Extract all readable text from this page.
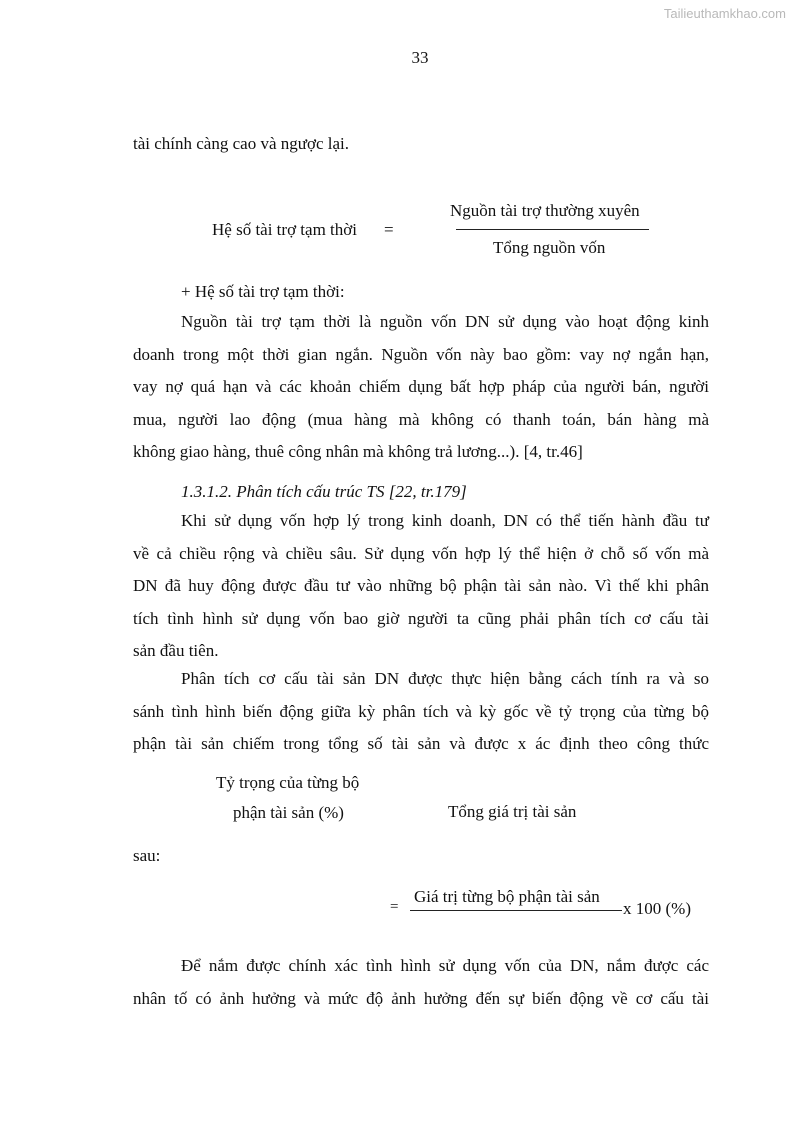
Tailieuthamkhao.com
33
tài chính càng cao và ngược lại.
Hệ số tài trợ tạm thời =
Nguồn tài trợ thường xuyên
Tổng nguồn vốn
+ Hệ số tài trợ tạm thời:
Nguồn tài trợ tạm thời là nguồn vốn DN sử dụng vào hoạt động kinh
doanh trong một thời gian ngắn. Nguồn vốn này bao gồm: vay nợ ngắn hạn,
vay nợ quá hạn và các khoản chiếm dụng bất hợp pháp của người bán, người
mua, người lao động (mua hàng mà không có thanh toán, bán hàng mà
không giao hàng, thuê công nhân mà không trả lương...). [4, tr.46]
1.3.1.2. Phân tích cấu trúc TS [22, tr.179]
Khi sử dụng vốn hợp lý trong kinh doanh, DN có thể tiến hành đầu tư
về cả chiều rộng và chiều sâu. Sử dụng vốn hợp lý thể hiện ở chỗ số vốn mà
DN đã huy động được đầu tư vào những bộ phận tài sản nào. Vì thế khi phân
tích tình hình sử dụng vốn bao giờ người ta cũng phải phân tích cơ cấu tài
sản đầu tiên.
Phân tích cơ cấu tài sản DN được thực hiện bằng cách tính ra và so
sánh tình hình biến động giữa kỳ phân tích và kỳ gốc về tỷ trọng của từng bộ
phận tài sản chiếm trong tổng số tài sản và được x ác định theo công thức
Tỷ trọng của từng bộ
phận tài sản (%)	Tổng giá trị tài sản
sau:
=
Giá trị từng bộ phận tài sản
x 100 (%)
Để nắm được chính xác tình hình sử dụng vốn của DN, nắm được các
nhân tố có ảnh hưởng và mức độ ảnh hưởng đến sự biến động về cơ cấu tài
